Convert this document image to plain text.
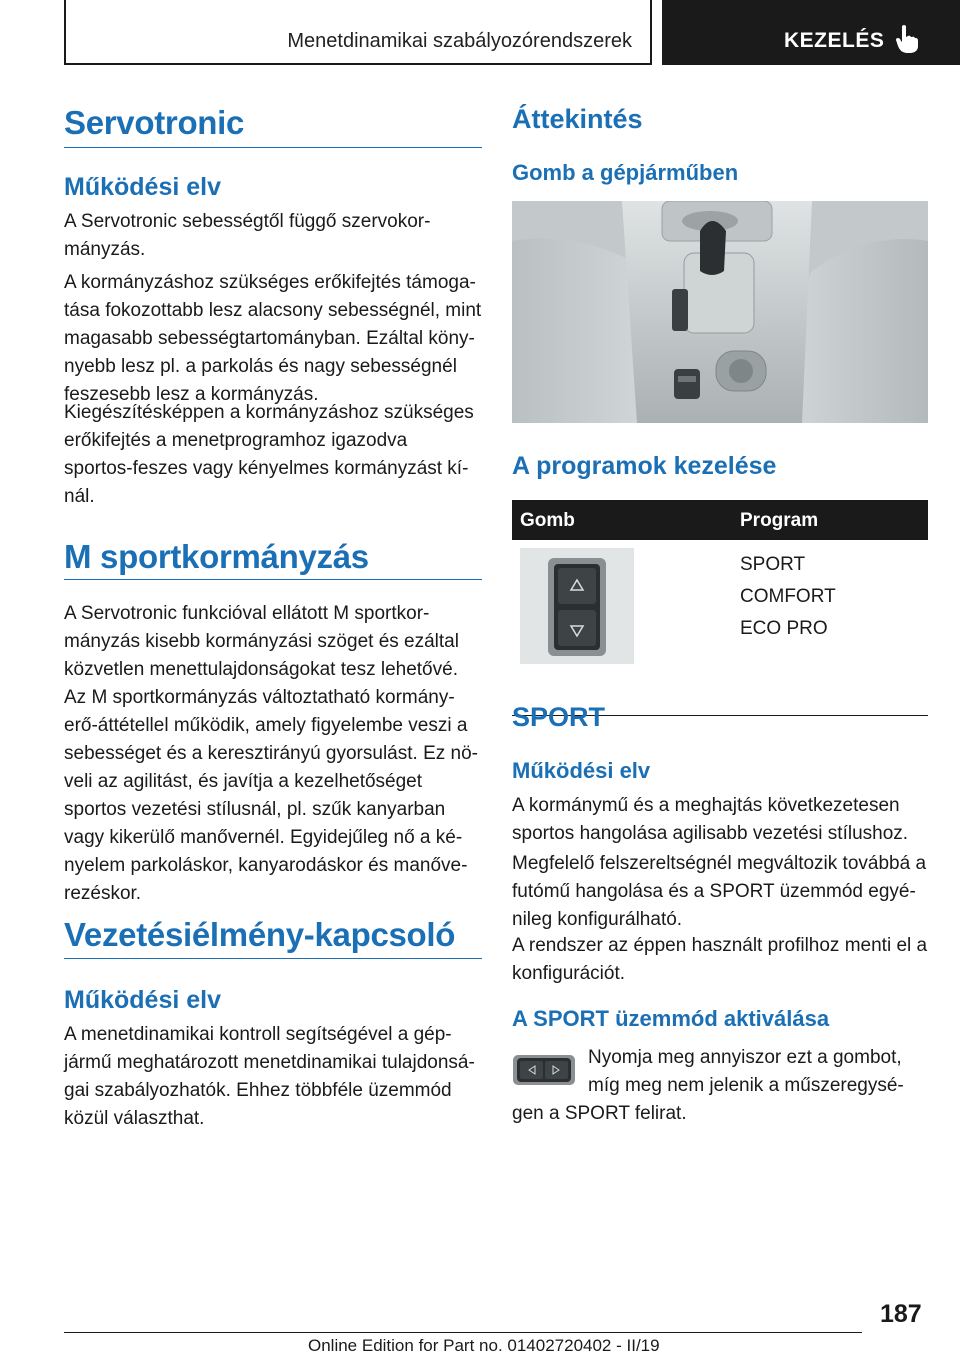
Menetdinamikai szabályozórendszerek	KEZELÉS
Servotronic
Működési elv
A Servotronic sebességtől függő szervokor-
mányzás.
A kormányzáshoz szükséges erőkifejtés támoga-
tása fokozottabb lesz alacsony sebességnél, mint
magasabb sebességtartományban. Ezáltal köny-
nyebb lesz pl. a parkolás és nagy sebességnél
feszesebb lesz a kormányzás.
Kiegészítésképpen a kormányzáshoz szükséges
erőkifejtés a menetprogramhoz igazodva
sportos-feszes vagy kényelmes kormányzást kí-
nál.
M sportkormányzás
A Servotronic funkcióval ellátott M sportkor-
mányzás kisebb kormányzási szöget és ezáltal
közvetlen menettulajdonságokat tesz lehetővé.
Az M sportkormányzás változtatható kormány-
erő-áttétellel működik, amely figyelembe veszi a
sebességet és a keresztirányú gyorsulást. Ez nö-
veli az agilitást, és javítja a kezelhetőséget
sportos vezetési stílusnál, pl. szűk kanyarban
vagy kikerülő manővernél. Egyidejűleg nő a ké-
nyelem parkoláskor, kanyarodáskor és manőve-
rezéskor.
Vezetésiélmény-kapcsoló
Működési elv
A menetdinamikai kontroll segítségével a gép-
jármű meghatározott menetdinamikai tulajdonsá-
gai szabályozhatók. Ehhez többféle üzemmód
közül választhat.
Áttekintés
Gomb a gépjárműben
A programok kezelése
Gomb	Program
SPORT
COMFORT
ECO PRO
SPORT
Működési elv
A kormánymű és a meghajtás következetesen
sportos hangolása agilisabb vezetési stílushoz.
Megfelelő felszereltségnél megváltozik továbbá a
futómű hangolása és a SPORT üzemmód egyé-
nileg konfigurálható.
A rendszer az éppen használt profilhoz menti el a
konfigurációt.
A SPORT üzemmód aktiválása
Nyomja meg annyiszor ezt a gombot,
míg meg nem jelenik a műszeregysé-
gen a SPORT felirat.
187
Online Edition for Part no. 01402720402 - II/19
